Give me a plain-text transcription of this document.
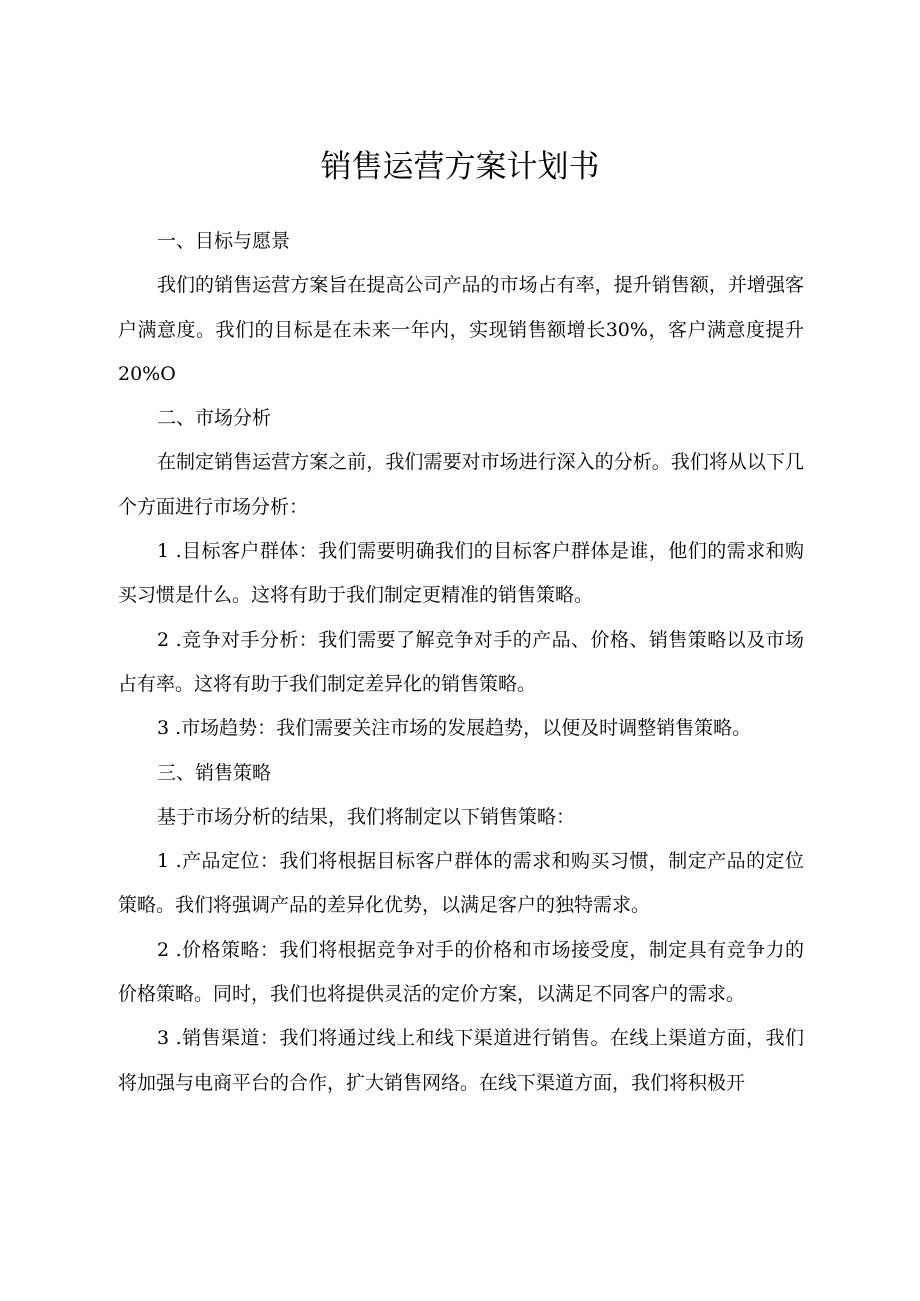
销售运营方案计划书

一、目标与愿景

我们的销售运营方案旨在提高公司产品的市场占有率，提升销售额，并增强客户满意度。我们的目标是在未来一年内，实现销售额增长30%，客户满意度提升20%O

二、市场分析

在制定销售运营方案之前，我们需要对市场进行深入的分析。我们将从以下几个方面进行市场分析：

1 .目标客户群体：我们需要明确我们的目标客户群体是谁，他们的需求和购买习惯是什么。这将有助于我们制定更精准的销售策略。

2 .竞争对手分析：我们需要了解竞争对手的产品、价格、销售策略以及市场占有率。这将有助于我们制定差异化的销售策略。

3 .市场趋势：我们需要关注市场的发展趋势，以便及时调整销售策略。

三、销售策略

基于市场分析的结果，我们将制定以下销售策略：

1 .产品定位：我们将根据目标客户群体的需求和购买习惯，制定产品的定位策略。我们将强调产品的差异化优势，以满足客户的独特需求。

2 .价格策略：我们将根据竞争对手的价格和市场接受度，制定具有竞争力的价格策略。同时，我们也将提供灵活的定价方案，以满足不同客户的需求。

3 .销售渠道：我们将通过线上和线下渠道进行销售。在线上渠道方面，我们将加强与电商平台的合作，扩大销售网络。在线下渠道方面，我们将积极开
